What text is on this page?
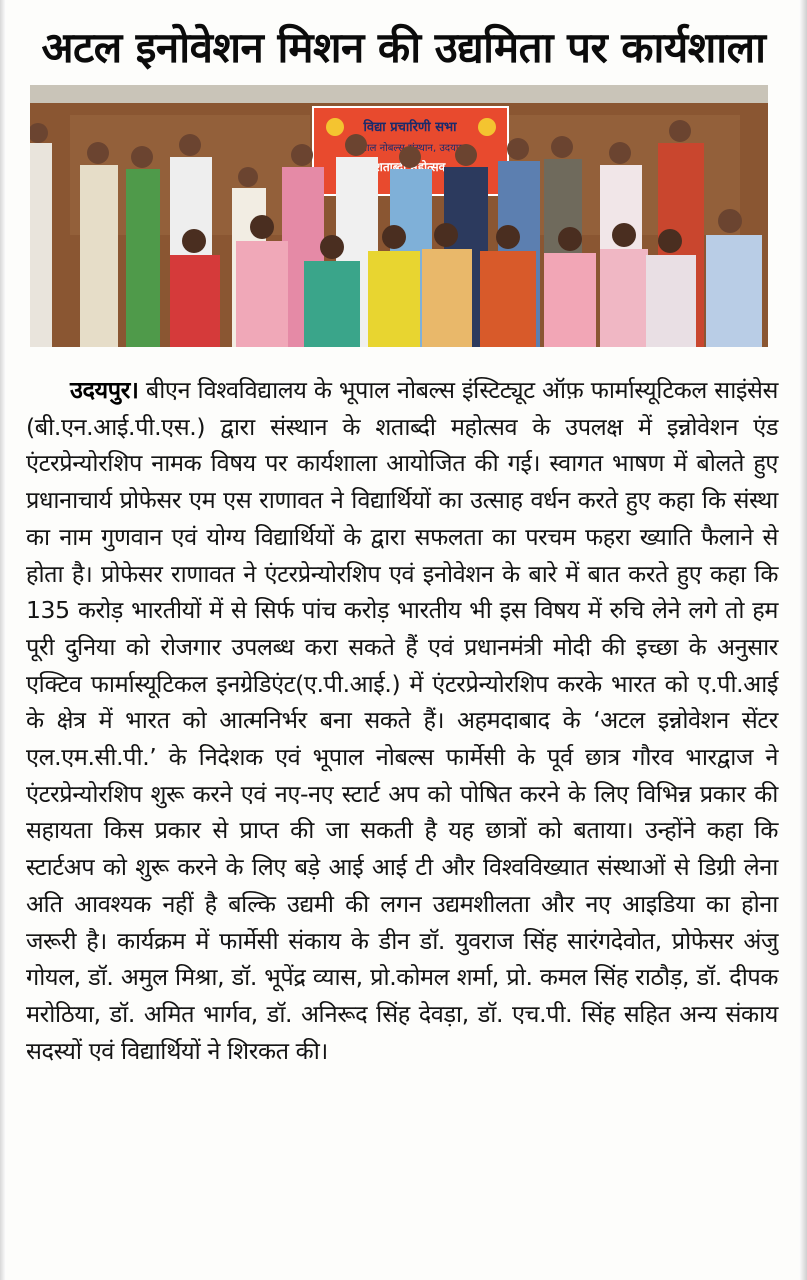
अटल इनोवेशन मिशन की उद्यमिता पर कार्यशाला
विद्या प्रचारिणी सभा
नोबल्स संस्थान, उदयपुर
शताब्दी महोत्सव

उदयपुर। बीएन विश्वविद्यालय के भूपाल नोबल्स इंस्टिट्यूट ऑफ़ फार्मास्यूटिकल साइंसेस (बी.एन.आई.पी.एस.) द्वारा संस्थान के शताब्दी महोत्सव के उपलक्ष में इन्नोवेशन एंड एंटरप्रेन्योरशिप नामक विषय पर कार्यशाला आयोजित की गई। स्वागत भाषण में बोलते हुए प्रधानाचार्य प्रोफेसर एम एस राणावत ने विद्यार्थियों का उत्साह वर्धन करते हुए कहा कि संस्था का नाम गुणवान एवं योग्य विद्यार्थियों के द्वारा सफलता का परचम फहरा ख्याति फैलाने से होता है। प्रोफेसर राणावत ने एंटरप्रेन्योरशिप एवं इनोवेशन के बारे में बात करते हुए कहा कि 135 करोड़ भारतीयों में से सिर्फ पांच करोड़ भारतीय भी इस विषय में रुचि लेने लगे तो हम पूरी दुनिया को रोजगार उपलब्ध करा सकते हैं एवं प्रधानमंत्री मोदी की इच्छा के अनुसार एक्टिव फार्मास्यूटिकल इनग्रेडिएंट(ए.पी.आई.) में एंटरप्रेन्योरशिप करके भारत को ए.पी.आई के क्षेत्र में भारत को आत्मनिर्भर बना सकते हैं। अहमदाबाद के ‘अटल इन्नोवेशन सेंटर एल.एम.सी.पी.’ के निदेशक एवं भूपाल नोबल्स फार्मेसी के पूर्व छात्र गौरव भारद्वाज ने एंटरप्रेन्योरशिप शुरू करने एवं नए-नए स्टार्ट अप को पोषित करने के लिए विभिन्न प्रकार की सहायता किस प्रकार से प्राप्त की जा सकती है यह छात्रों को बताया। उन्होंने कहा कि स्टार्टअप को शुरू करने के लिए बड़े आई आई टी और विश्वविख्यात संस्थाओं से डिग्री लेना अति आवश्यक नहीं है बल्कि उद्यमी की लगन उद्यमशीलता और नए आइडिया का होना जरूरी है। कार्यक्रम में फार्मेसी संकाय के डीन डॉ. युवराज सिंह सारंगदेवोत, प्रोफेसर अंजु गोयल, डॉ. अमुल मिश्रा, डॉ. भूपेंद्र व्यास, प्रो.कोमल शर्मा, प्रो. कमल सिंह राठौड़, डॉ. दीपक मरोठिया, डॉ. अमित भार्गव, डॉ. अनिरूद सिंह देवड़ा, डॉ. एच.पी. सिंह सहित अन्य संकाय सदस्यों एवं विद्यार्थियों ने शिरकत की।
